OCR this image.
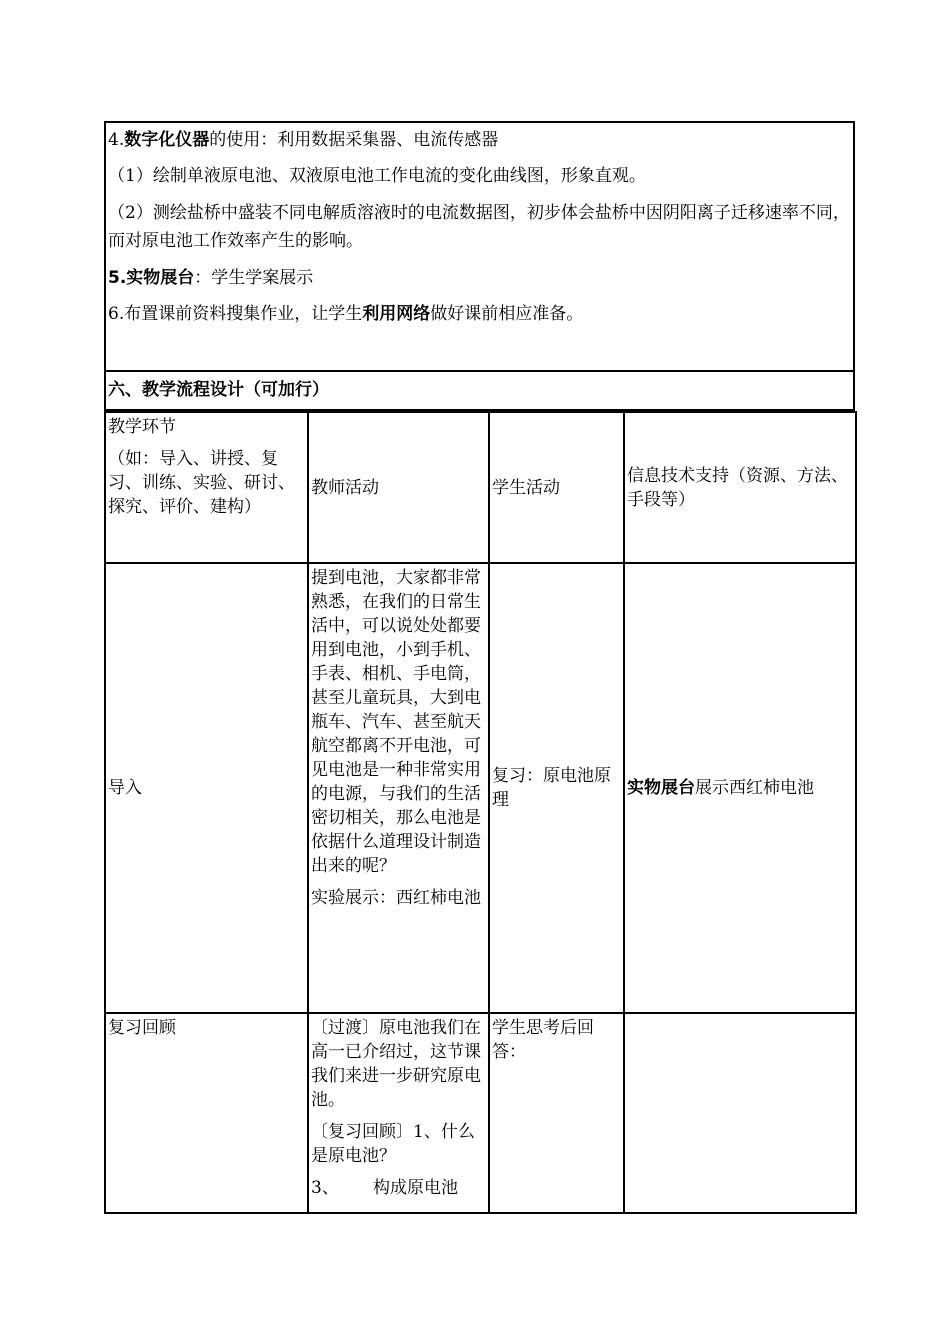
4.数字化仪器的使用：利用数据采集器、电流传感器

（1）绘制单液原电池、双液原电池工作电流的变化曲线图，形象直观。

（2）测绘盐桥中盛装不同电解质溶液时的电流数据图，初步体会盐桥中因阴阳离子迁移速率不同，而对原电池工作效率产生的影响。

5.实物展台：学生学案展示

6.布置课前资料搜集作业，让学生利用网络做好课前相应准备。

六、教学流程设计（可加行）

教学环节

（如：导入、讲授、复习、训练、实验、研讨、探究、评价、建构）	教师活动	学生活动	信息技术支持（资源、方法、手段等）
导入	提到电池，大家都非常熟悉，在我们的日常生活中，可以说处处都要用到电池，小到手机、手表、相机、手电筒，甚至儿童玩具，大到电瓶车、汽车、甚至航天航空都离不开电池，可见电池是一种非常实用的电源，与我们的生活密切相关，那么电池是依据什么道理设计制造出来的呢？

实验展示：西红柿电池	复习：原电池原理	实物展台展示西红柿电池
复习回顾	〔过渡〕原电池我们在高一已介绍过，这节课我们来进一步研究原电池。

〔复习回顾〕1、什么是原电池？

3、 构成原电池	学生思考后回答：	
